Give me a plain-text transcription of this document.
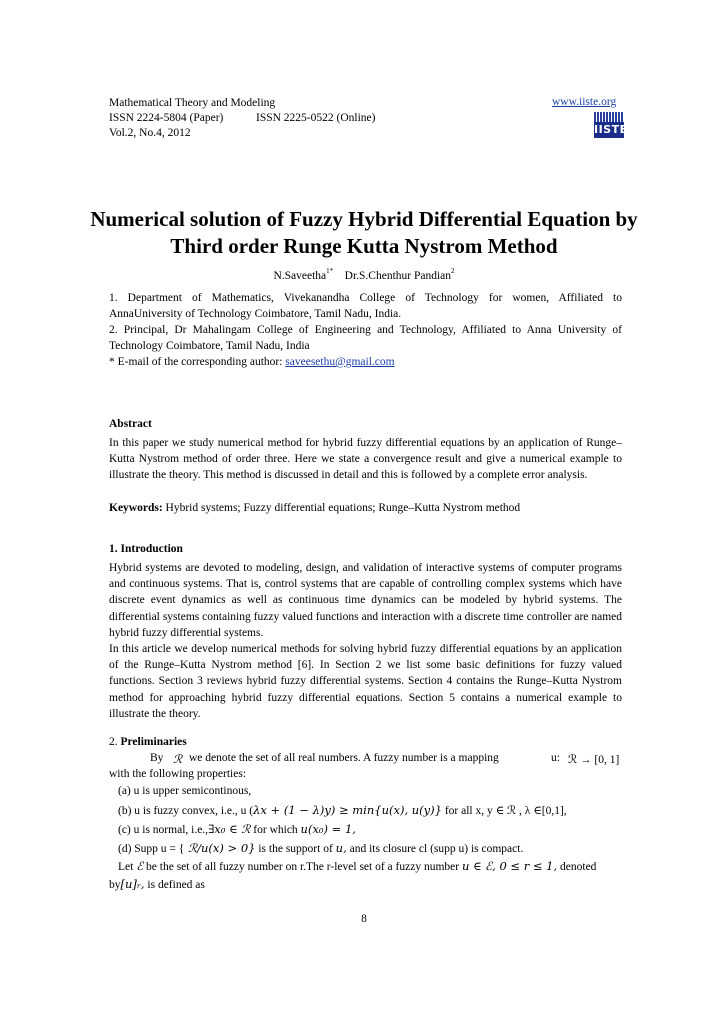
Mathematical Theory and Modeling
ISSN 2224-5804 (Paper)	ISSN 2225-0522 (Online)
Vol.2, No.4, 2012
www.iiste.org
IISTE
Numerical solution of Fuzzy Hybrid Differential Equation by
Third order Runge Kutta Nystrom Method
N.Saveetha$^{1*}$ Dr.S.Chenthur Pandian$^2$
1. Department of Mathematics, Vivekanandha College of Technology for women, Affiliated to
AnnaUniversity of Technology Coimbatore, Tamil Nadu, India.
2. Principal, Dr Mahalingam College of Engineering and Technology, Affiliated to Anna University of
Technology Coimbatore, Tamil Nadu, India
* E-mail of the corresponding author: saveesethu@gmail.com
Abstract
In this paper we study numerical method for hybrid fuzzy differential equations by an application of Runge–Kutta Nystrom method of order three. Here we state a convergence result and give a numerical example to illustrate the theory. This method is discussed in detail and this is followed by a complete error analysis.
Keywords: Hybrid systems; Fuzzy differential equations; Runge–Kutta Nystrom method
1. Introduction
Hybrid systems are devoted to modeling, design, and validation of interactive systems of computer programs and continuous systems. That is, control systems that are capable of controlling complex systems which have discrete event dynamics as well as continuous time dynamics can be modeled by hybrid systems. The differential systems containing fuzzy valued functions and interaction with a discrete time controller are named hybrid fuzzy differential systems.
In this article we develop numerical methods for solving hybrid fuzzy differential equations by an application of the Runge–Kutta Nystrom method [6]. In Section 2 we list some basic definitions for fuzzy valued functions. Section 3 reviews hybrid fuzzy differential systems. Section 4 contains the Runge–Kutta Nystrom method for approaching hybrid fuzzy differential equations. Section 5 contains a numerical example to illustrate the theory.
2. Preliminaries
By ℛ we denote the set of all real numbers. A fuzzy number is a mapping	u: ℛ → [0, 1]
with the following properties:
(a) u is upper semicontinous,
(b) u is fuzzy convex, i.e., u (λx + (1 − λ)y) ≥ min{u(x), u(y)} for all x, y ∈ ℛ , λ ∈[0,1],
(c) u is normal, i.e.,∃x₀ ∈ ℛ for which u(x₀) = 1,
(d) Supp u = { ℛ/u(x) > 0} is the support of u, and its closure cl (supp u) is compact.
Let ℰ be the set of all fuzzy number on r.The r-level set of a fuzzy number u ∈ ℰ, 0 ≤ r ≤ 1, denoted
by[u]ᵣ, is defined as
8
